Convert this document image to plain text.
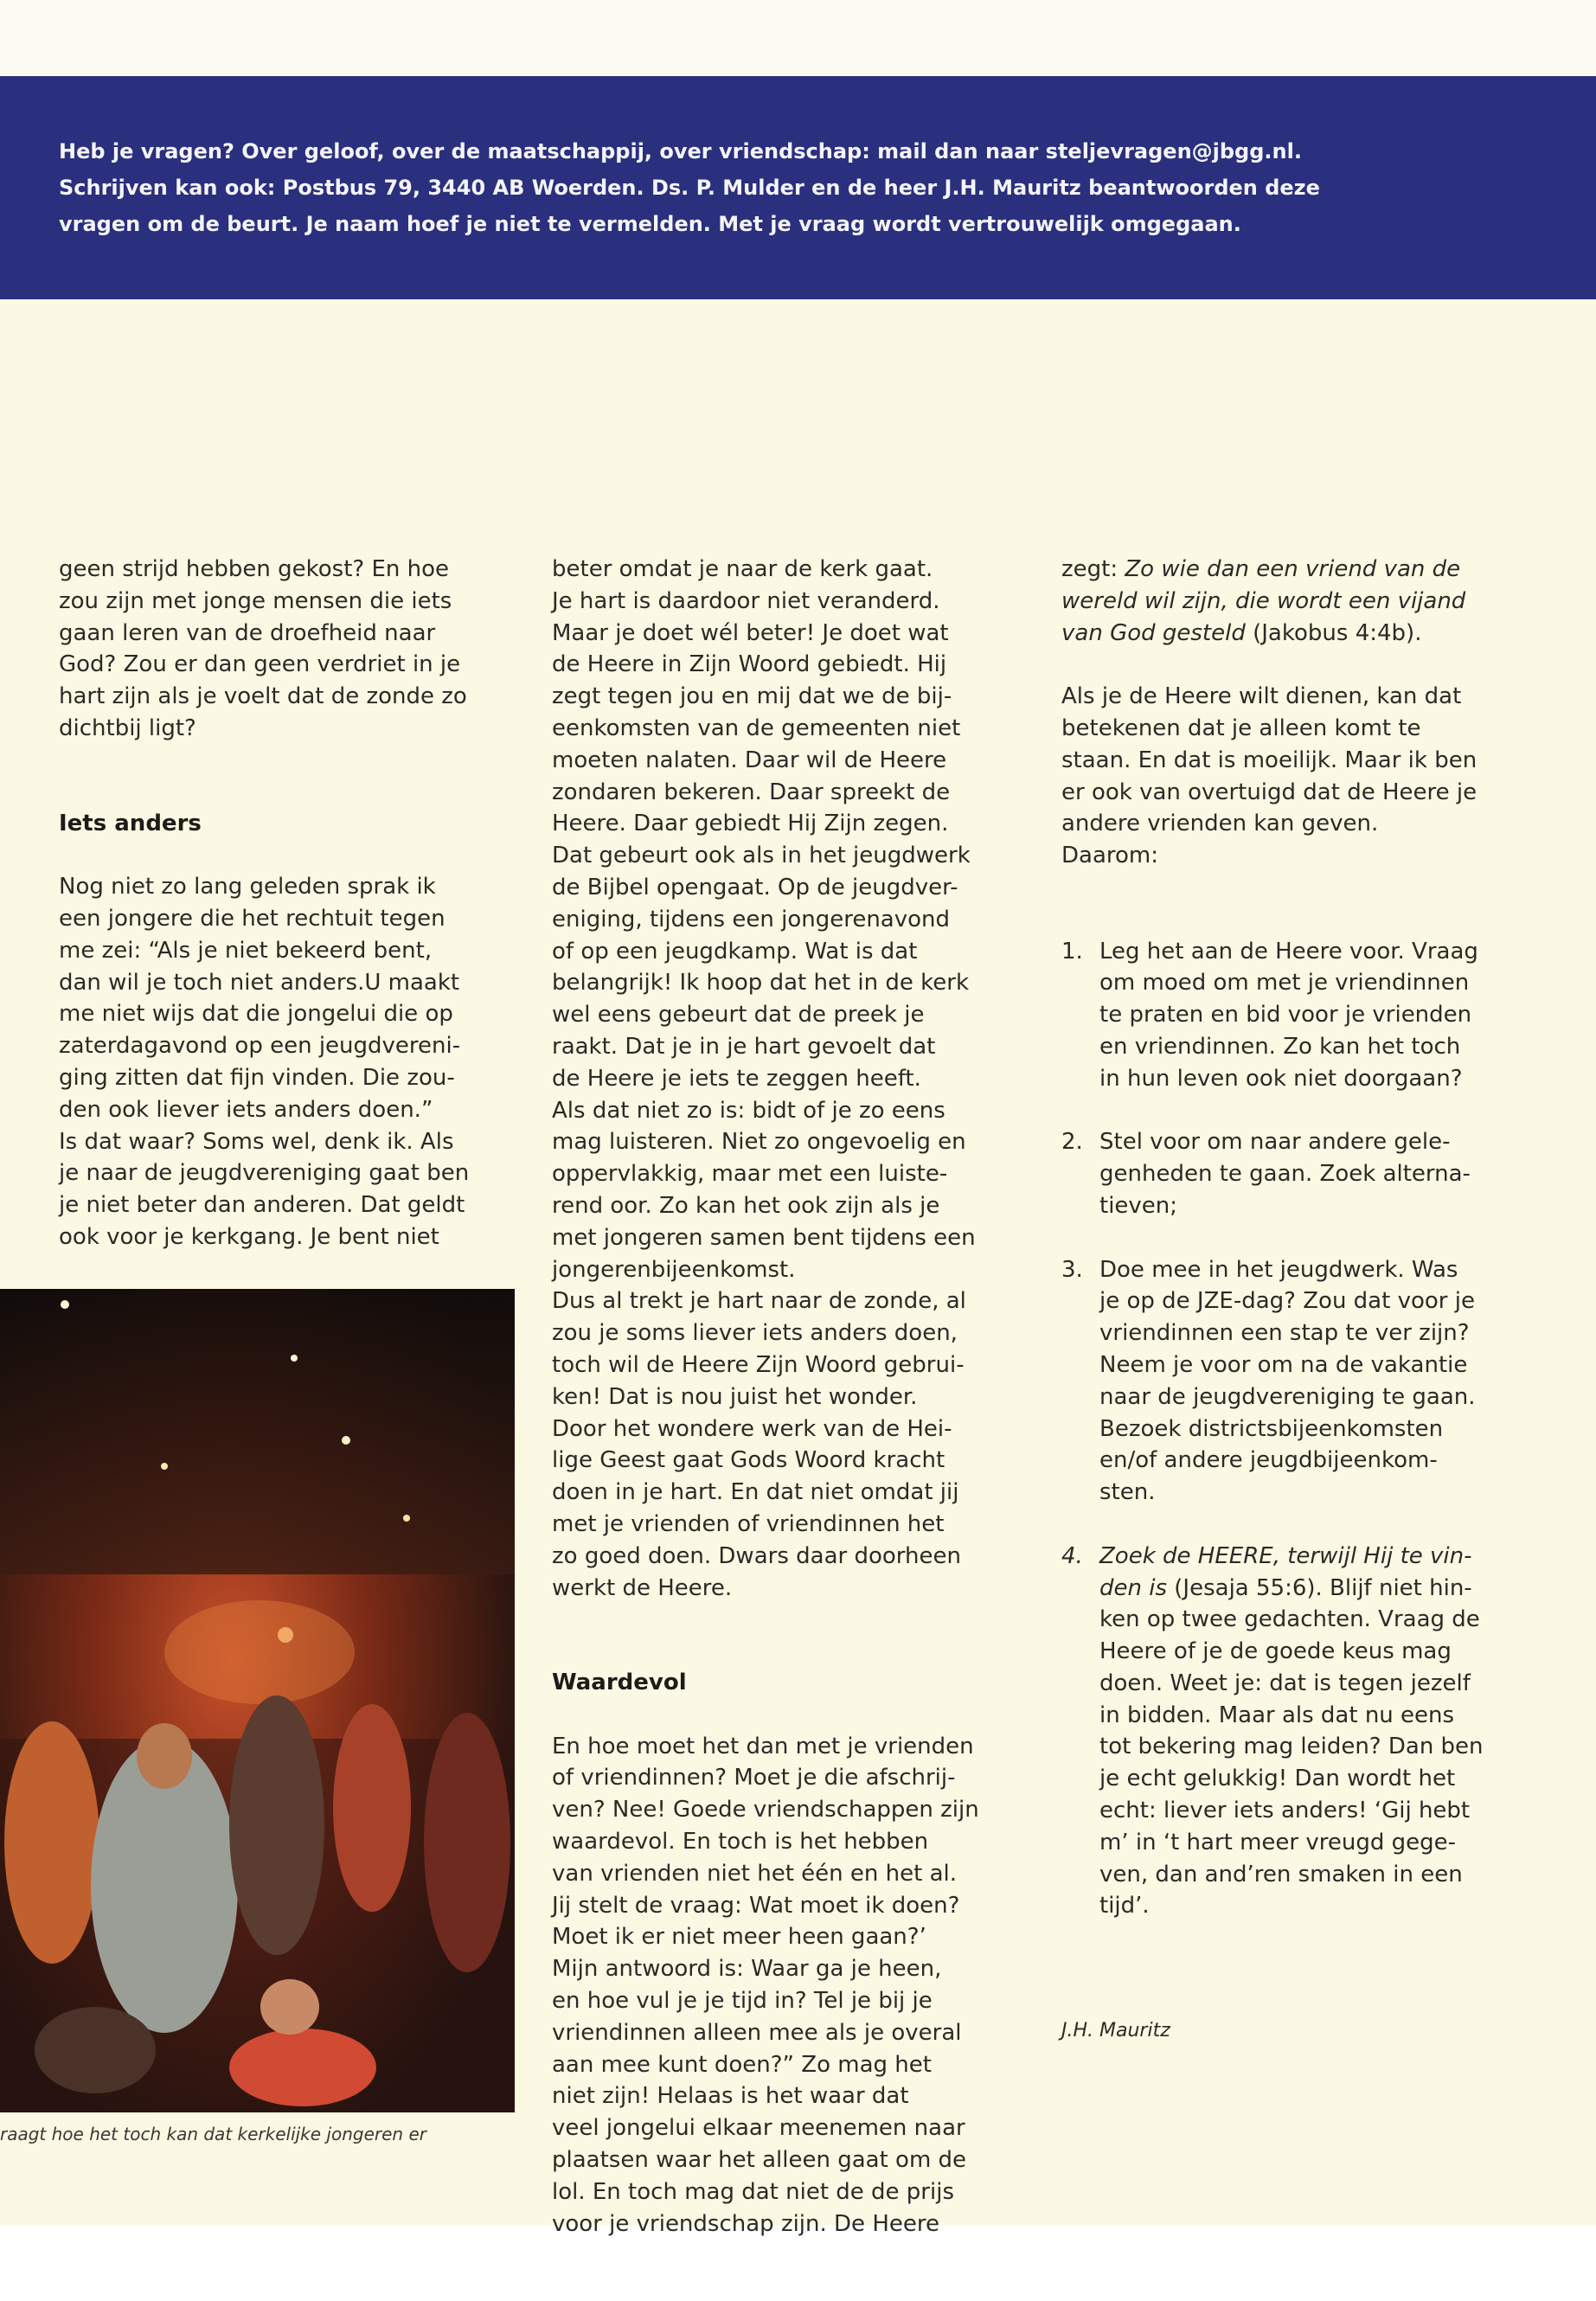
Heb je vragen? Over geloof, over de maatschappij, over vriendschap: mail dan naar steljevragen@jbgg.nl.
Schrijven kan ook: Postbus 79, 3440 AB Woerden. Ds. P. Mulder en de heer J.H. Mauritz beantwoorden deze
vragen om de beurt. Je naam hoef je niet te vermelden. Met je vraag wordt vertrouwelijk omgegaan.
geen strijd hebben gekost? En hoe
zou zijn met jonge mensen die iets
gaan leren van de droefheid naar
God? Zou er dan geen verdriet in je
hart zijn als je voelt dat de zonde zo
dichtbij ligt?

Iets anders

Nog niet zo lang geleden sprak ik
een jongere die het rechtuit tegen
me zei: “Als je niet bekeerd bent,
dan wil je toch niet anders.U maakt
me niet wijs dat die jongelui die op
zaterdagavond op een jeugdvereni-
ging zitten dat fijn vinden. Die zou-
den ook liever iets anders doen.”
Is dat waar? Soms wel, denk ik. Als
je naar de jeugdvereniging gaat ben
je niet beter dan anderen. Dat geldt
ook voor je kerkgang. Je bent niet
beter omdat je naar de kerk gaat.
Je hart is daardoor niet veranderd.
Maar je doet wél beter! Je doet wat
de Heere in Zijn Woord gebiedt. Hij
zegt tegen jou en mij dat we de bij-
eenkomsten van de gemeenten niet
moeten nalaten. Daar wil de Heere
zondaren bekeren. Daar spreekt de
Heere. Daar gebiedt Hij Zijn zegen.
Dat gebeurt ook als in het jeugdwerk
de Bijbel opengaat. Op de jeugdver-
eniging, tijdens een jongerenavond
of op een jeugdkamp. Wat is dat
belangrijk! Ik hoop dat het in de kerk
wel eens gebeurt dat de preek je
raakt. Dat je in je hart gevoelt dat
de Heere je iets te zeggen heeft.
Als dat niet zo is: bidt of je zo eens
mag luisteren. Niet zo ongevoelig en
oppervlakkig, maar met een luiste-
rend oor. Zo kan het ook zijn als je
met jongeren samen bent tijdens een
jongerenbijeenkomst.
Dus al trekt je hart naar de zonde, al
zou je soms liever iets anders doen,
toch wil de Heere Zijn Woord gebrui-
ken! Dat is nou juist het wonder.
Door het wondere werk van de Hei-
lige Geest gaat Gods Woord kracht
doen in je hart. En dat niet omdat jij
met je vrienden of vriendinnen het
zo goed doen. Dwars daar doorheen
werkt de Heere.

Waardevol

En hoe moet het dan met je vrienden
of vriendinnen? Moet je die afschrij-
ven? Nee! Goede vriendschappen zijn
waardevol. En toch is het hebben
van vrienden niet het één en het al.
Jij stelt de vraag: Wat moet ik doen?
Moet ik er niet meer heen gaan?’
Mijn antwoord is: Waar ga je heen,
en hoe vul je je tijd in? Tel je bij je
vriendinnen alleen mee als je overal
aan mee kunt doen?” Zo mag het
niet zijn! Helaas is het waar dat
veel jongelui elkaar meenemen naar
plaatsen waar het alleen gaat om de
lol. En toch mag dat niet de de prijs
voor je vriendschap zijn. De Heere
zegt: Zo wie dan een vriend van de
wereld wil zijn, die wordt een vijand
van God gesteld (Jakobus 4:4b).

Als je de Heere wilt dienen, kan dat
betekenen dat je alleen komt te
staan. En dat is moeilijk. Maar ik ben
er ook van overtuigd dat de Heere je
andere vrienden kan geven.
Daarom:

1. Leg het aan de Heere voor. Vraag
om moed om met je vriendinnen
te praten en bid voor je vrienden
en vriendinnen. Zo kan het toch
in hun leven ook niet doorgaan?

2. Stel voor om naar andere gele-
genheden te gaan. Zoek alterna-
tieven;

3. Doe mee in het jeugdwerk. Was
je op de JZE-dag? Zou dat voor je
vriendinnen een stap te ver zijn?
Neem je voor om na de vakantie
naar de jeugdvereniging te gaan.
Bezoek districtsbijeenkomsten
en/of andere jeugdbijeenkom-
sten.

4. Zoek de HEERE, terwijl Hij te vin-
den is (Jesaja 55:6). Blijf niet hin-
ken op twee gedachten. Vraag de
Heere of je de goede keus mag
doen. Weet je: dat is tegen jezelf
in bidden. Maar als dat nu eens
tot bekering mag leiden? Dan ben
je echt gelukkig! Dan wordt het
echt: liever iets anders! ‘Gij hebt
m’ in ‘t hart meer vreugd gege-
ven, dan and’ren smaken in een
tijd’.

J.H. Mauritz
raagt hoe het toch kan dat kerkelijke jongeren er
